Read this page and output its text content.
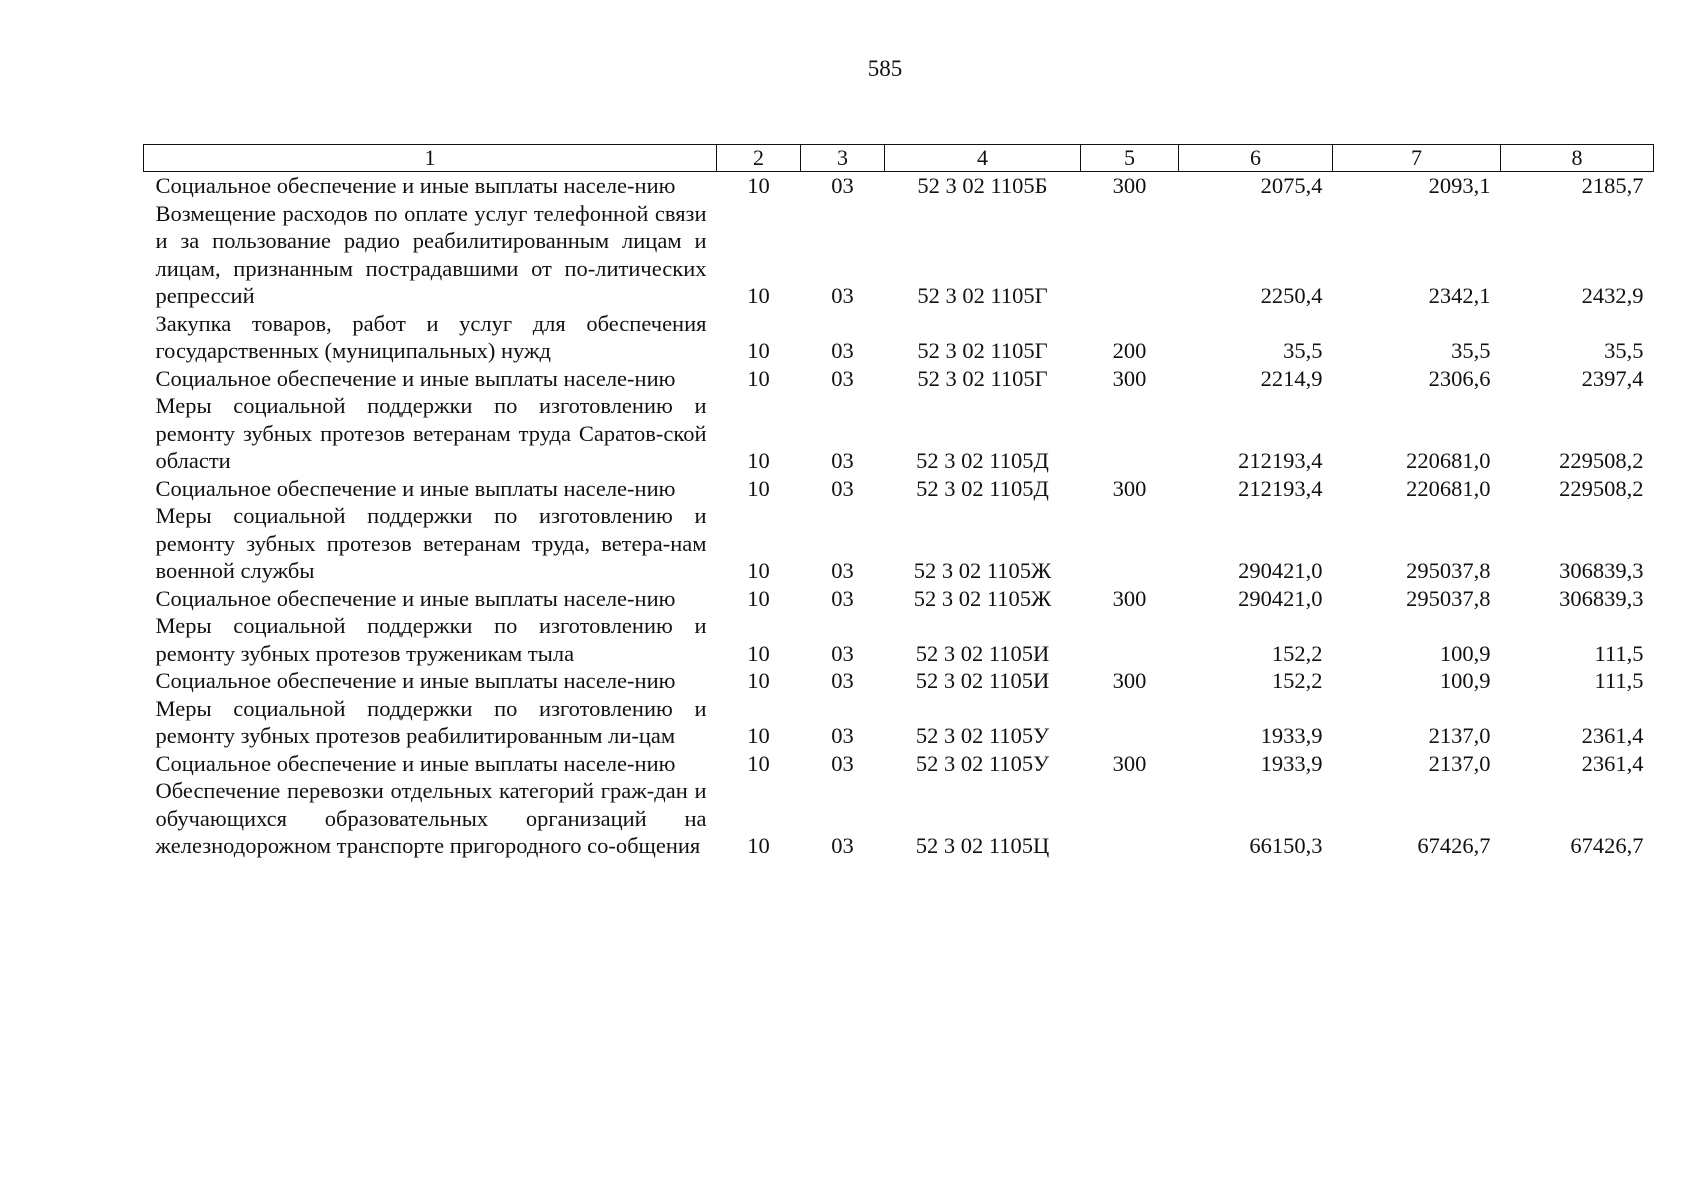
585
1	2	3	4	5	6	7	8
Социальное обеспечение и иные выплаты населе-нию	10	03	52 3 02 1105Б	300	2075,4	2093,1	2185,7
Возмещение расходов по оплате услуг телефонной связи и за пользование радио реабилитированным лицам и лицам, признанным пострадавшими от по-литических репрессий	10	03	52 3 02 1105Г		2250,4	2342,1	2432,9
Закупка товаров, работ и услуг для обеспечения государственных (муниципальных) нужд	10	03	52 3 02 1105Г	200	35,5	35,5	35,5
Социальное обеспечение и иные выплаты населе-нию	10	03	52 3 02 1105Г	300	2214,9	2306,6	2397,4
Меры социальной поддержки по изготовлению и ремонту зубных протезов ветеранам труда Саратов-ской области	10	03	52 3 02 1105Д		212193,4	220681,0	229508,2
Социальное обеспечение и иные выплаты населе-нию	10	03	52 3 02 1105Д	300	212193,4	220681,0	229508,2
Меры социальной поддержки по изготовлению и ремонту зубных протезов ветеранам труда, ветера-нам военной службы	10	03	52 3 02 1105Ж		290421,0	295037,8	306839,3
Социальное обеспечение и иные выплаты населе-нию	10	03	52 3 02 1105Ж	300	290421,0	295037,8	306839,3
Меры социальной поддержки по изготовлению и ремонту зубных протезов труженикам тыла	10	03	52 3 02 1105И		152,2	100,9	111,5
Социальное обеспечение и иные выплаты населе-нию	10	03	52 3 02 1105И	300	152,2	100,9	111,5
Меры социальной поддержки по изготовлению и ремонту зубных протезов реабилитированным ли-цам	10	03	52 3 02 1105У		1933,9	2137,0	2361,4
Социальное обеспечение и иные выплаты населе-нию	10	03	52 3 02 1105У	300	1933,9	2137,0	2361,4
Обеспечение перевозки отдельных категорий граж-дан и обучающихся образовательных организаций на железнодорожном транспорте пригородного со-общения	10	03	52 3 02 1105Ц		66150,3	67426,7	67426,7
